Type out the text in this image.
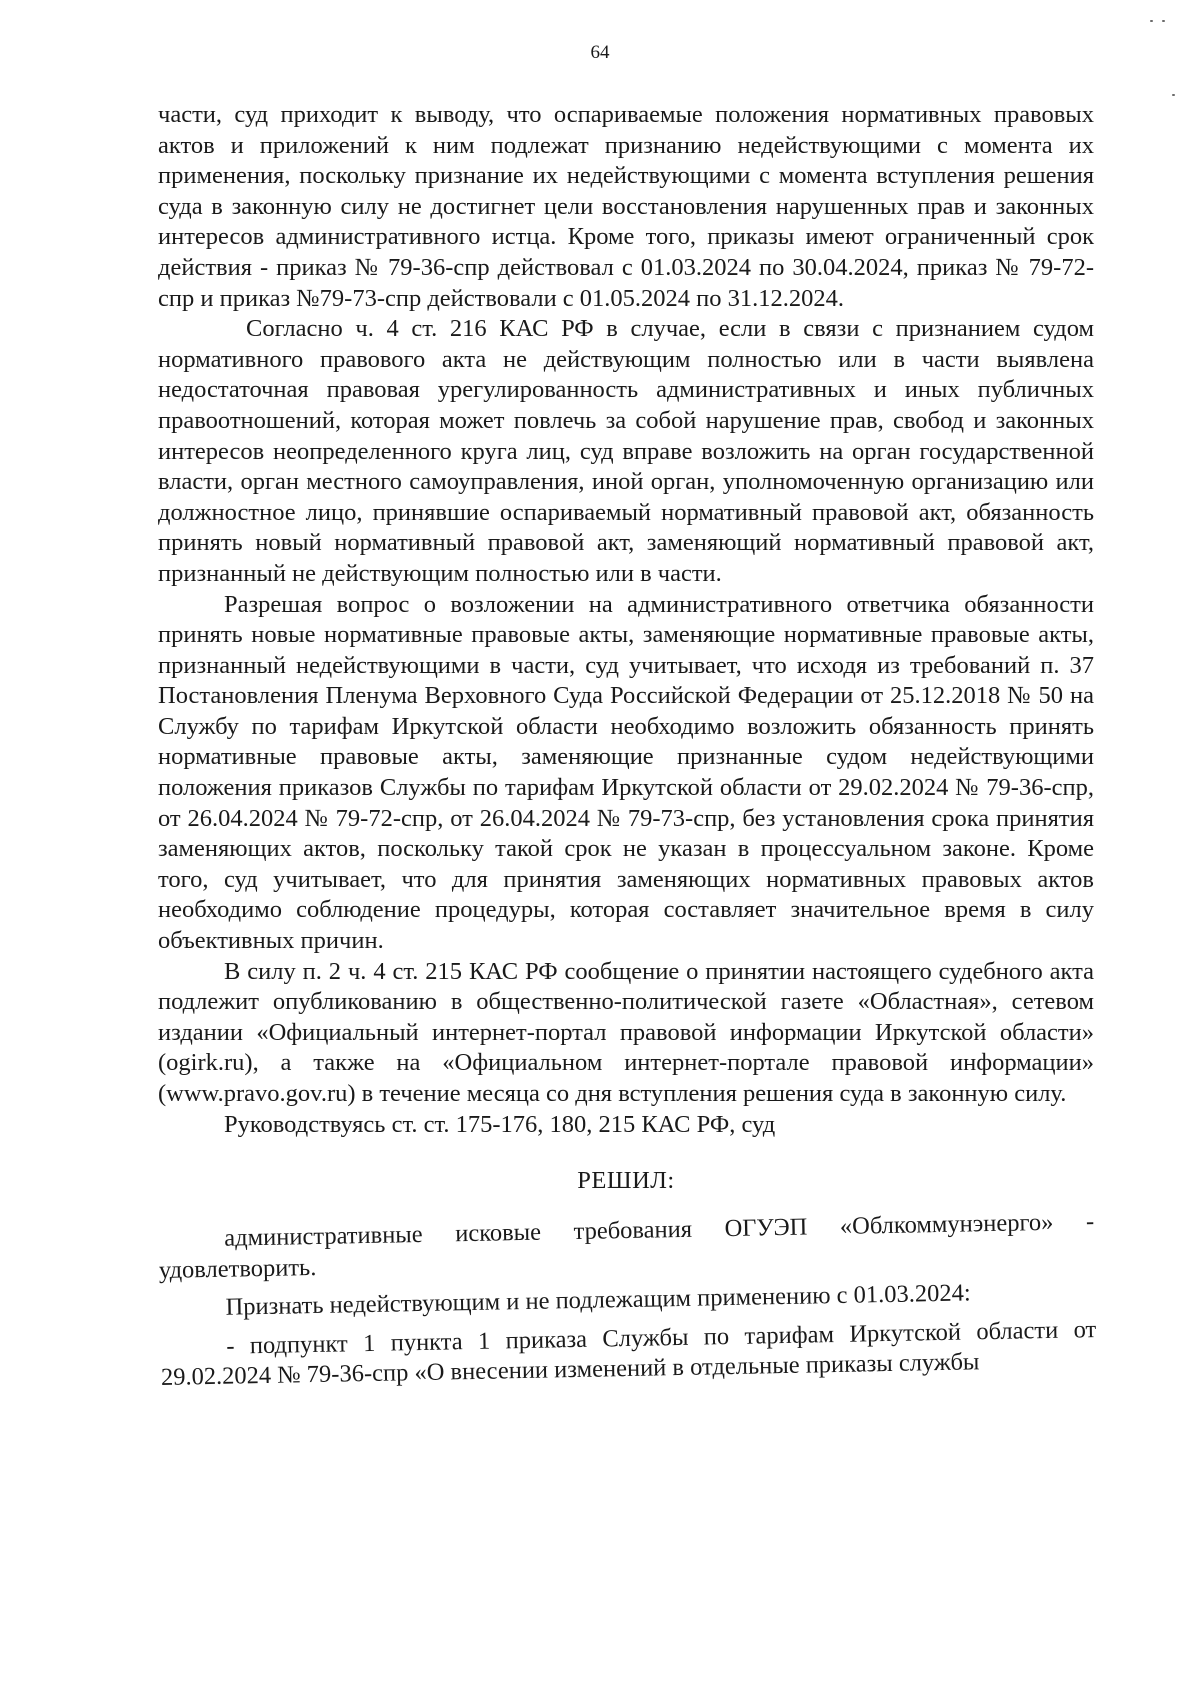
64

части, суд приходит к выводу, что оспариваемые положения нормативных правовых актов и приложений к ним подлежат признанию недействующими с момента их применения, поскольку признание их недействующими с момента вступления решения суда в законную силу не достигнет цели восстановления нарушенных прав и законных интересов административного истца. Кроме того, приказы имеют ограниченный срок действия - приказ № 79-36-спр действовал с 01.03.2024 по 30.04.2024, приказ № 79-72-спр и приказ №79-73-спр действовали с 01.05.2024 по 31.12.2024.

Согласно ч. 4 ст. 216 КАС РФ в случае, если в связи с признанием судом нормативного правового акта не действующим полностью или в части выявлена недостаточная правовая урегулированность административных и иных публичных правоотношений, которая может повлечь за собой нарушение прав, свобод и законных интересов неопределенного круга лиц, суд вправе возложить на орган государственной власти, орган местного самоуправления, иной орган, уполномоченную организацию или должностное лицо, принявшие оспариваемый нормативный правовой акт, обязанность принять новый нормативный правовой акт, заменяющий нормативный правовой акт, признанный не действующим полностью или в части.

Разрешая вопрос о возложении на административного ответчика обязанности принять новые нормативные правовые акты, заменяющие нормативные правовые акты, признанный недействующими в части, суд учитывает, что исходя из требований п. 37 Постановления Пленума Верховного Суда Российской Федерации от 25.12.2018 № 50 на Службу по тарифам Иркутской области необходимо возложить обязанность принять нормативные правовые акты, заменяющие признанные судом недействующими положения приказов Службы по тарифам Иркутской области от 29.02.2024 № 79-36-спр, от 26.04.2024 № 79-72-спр, от 26.04.2024 № 79-73-спр, без установления срока принятия заменяющих актов, поскольку такой срок не указан в процессуальном законе. Кроме того, суд учитывает, что для принятия заменяющих нормативных правовых актов необходимо соблюдение процедуры, которая составляет значительное время в силу объективных причин.

В силу п. 2 ч. 4 ст. 215 КАС РФ сообщение о принятии настоящего судебного акта подлежит опубликованию в общественно-политической газете «Областная», сетевом издании «Официальный интернет-портал правовой информации Иркутской области» (ogirk.ru), а также на «Официальном интернет-портале правовой информации» (www.pravo.gov.ru) в течение месяца со дня вступления решения суда в законную силу.

Руководствуясь ст. ст. 175-176, 180, 215 КАС РФ, суд

РЕШИЛ:

административные исковые требования ОГУЭП «Облкоммунэнерго» - удовлетворить.

Признать недействующим и не подлежащим применению с 01.03.2024:

- подпункт 1 пункта 1 приказа Службы по тарифам Иркутской области от 29.02.2024 № 79-36-спр «О внесении изменений в отдельные приказы службы
